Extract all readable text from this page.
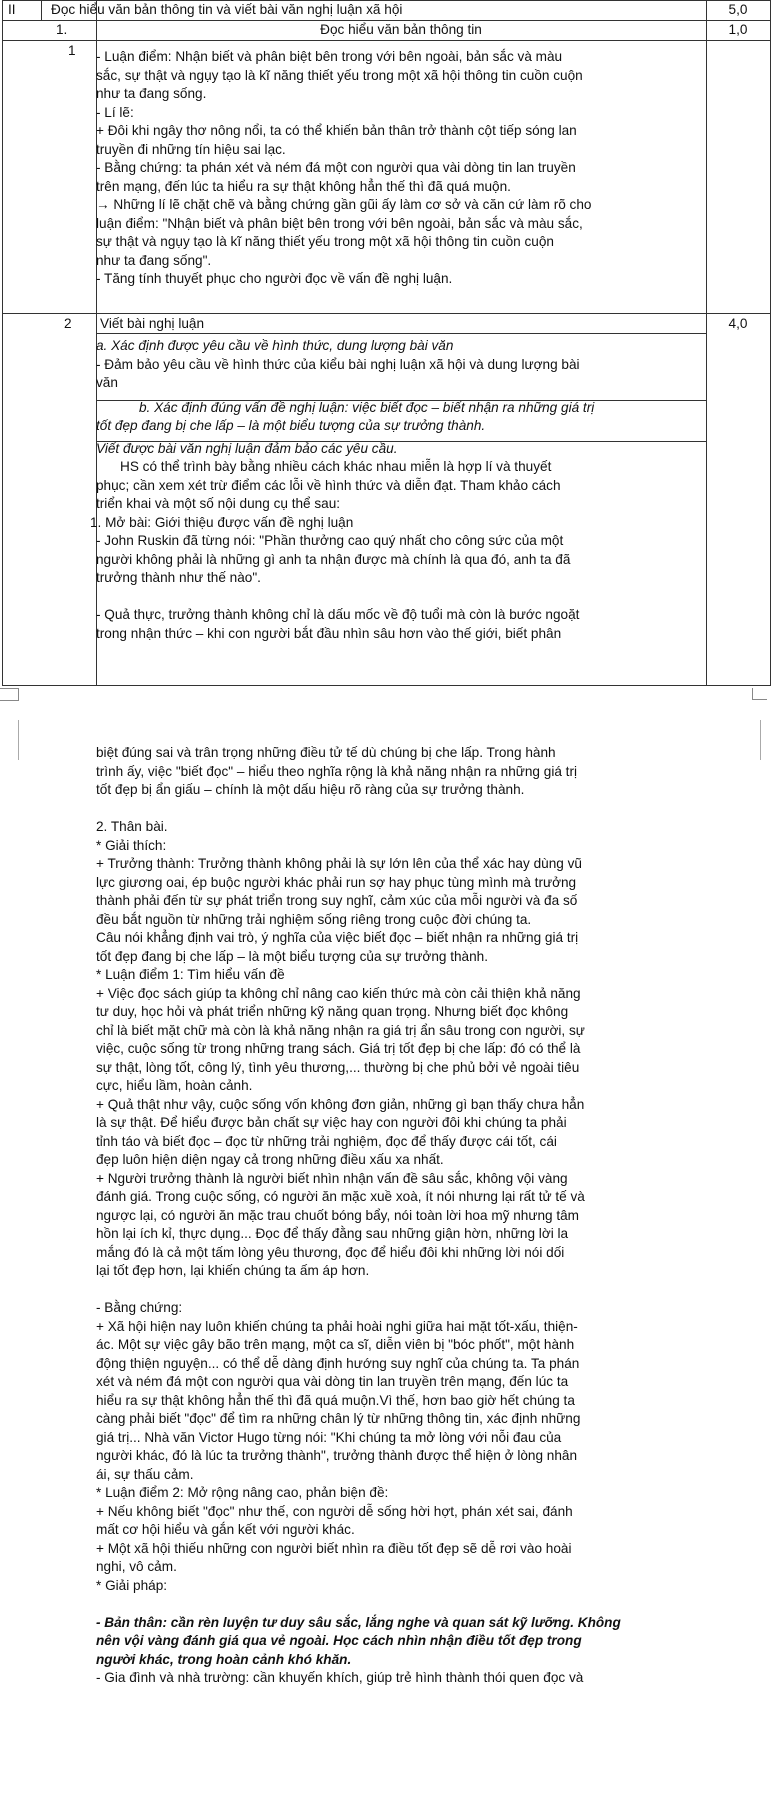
II	Đọc hiểu văn bản thông tin và viết bài văn nghị luận xã hội	5,0
1.	Đọc hiểu văn bản thông tin	1,0
1 - Luận điểm: Nhận biết và phân biệt bên trong với bên ngoài, bản sắc và màu
sắc, sự thật và ngụy tạo là kĩ năng thiết yếu trong một xã hội thông tin cuồn cuộn
như ta đang sống.
- Lí lẽ:
+ Đôi khi ngây thơ nông nổi, ta có thể khiến bản thân trở thành cột tiếp sóng lan
truyền đi những tín hiệu sai lạc.
- Bằng chứng: ta phán xét và ném đá một con người qua vài dòng tin lan truyền
trên mạng, đến lúc ta hiểu ra sự thật không hẳn thế thì đã quá muộn.
→ Những lí lẽ chặt chẽ và bằng chứng gần gũi ấy làm cơ sở và căn cứ làm rõ cho
luận điểm: "Nhận biết và phân biệt bên trong với bên ngoài, bản sắc và màu sắc,
sự thật và ngụy tạo là kĩ năng thiết yếu trong một xã hội thông tin cuồn cuộn
như ta đang sống".
- Tăng tính thuyết phục cho người đọc về vấn đề nghị luận.
2 Viết bài nghị luận	4,0
a. Xác định được yêu cầu về hình thức, dung lượng bài văn
- Đảm bảo yêu cầu về hình thức của kiểu bài nghị luận xã hội và dung lượng bài
văn
b. Xác định đúng vấn đề nghị luận: việc biết đọc – biết nhận ra những giá trị
tốt đẹp đang bị che lấp – là một biểu tượng của sự trưởng thành.
Viết được bài văn nghị luận đảm bảo các yêu cầu.
HS có thể trình bày bằng nhiều cách khác nhau miễn là hợp lí và thuyết
phục; cần xem xét trừ điểm các lỗi về hình thức và diễn đạt. Tham khảo cách
triển khai và một số nội dung cụ thể sau:
1. Mở bài: Giới thiệu được vấn đề nghị luận
- John Ruskin đã từng nói: "Phần thưởng cao quý nhất cho công sức của một
người không phải là những gì anh ta nhận được mà chính là qua đó, anh ta đã
trưởng thành như thế nào".

- Quả thực, trưởng thành không chỉ là dấu mốc về độ tuổi mà còn là bước ngoặt
trong nhận thức – khi con người bắt đầu nhìn sâu hơn vào thế giới, biết phân
biệt đúng sai và trân trọng những điều tử tế dù chúng bị che lấp. Trong hành
trình ấy, việc "biết đọc" – hiểu theo nghĩa rộng là khả năng nhận ra những giá trị
tốt đẹp bị ẩn giấu – chính là một dấu hiệu rõ ràng của sự trưởng thành.

2. Thân bài.
* Giải thích:
+ Trưởng thành: Trưởng thành không phải là sự lớn lên của thể xác hay dùng vũ
lực giương oai, ép buộc người khác phải run sợ hay phục tùng mình mà trưởng
thành phải đến từ sự phát triển trong suy nghĩ, cảm xúc của mỗi người và đa số
đều bắt nguồn từ những trải nghiệm sống riêng trong cuộc đời chúng ta.
Câu nói khẳng định vai trò, ý nghĩa của việc biết đọc – biết nhận ra những giá trị
tốt đẹp đang bị che lấp – là một biểu tượng của sự trưởng thành.
* Luận điểm 1: Tìm hiểu vấn đề
+ Việc đọc sách giúp ta không chỉ nâng cao kiến thức mà còn cải thiện khả năng
tư duy, học hỏi và phát triển những kỹ năng quan trọng. Nhưng biết đọc không
chỉ là biết mặt chữ mà còn là khả năng nhận ra giá trị ẩn sâu trong con người, sự
việc, cuộc sống từ trong những trang sách. Giá trị tốt đẹp bị che lấp: đó có thể là
sự thật, lòng tốt, công lý, tình yêu thương,... thường bị che phủ bởi vẻ ngoài tiêu
cực, hiểu lầm, hoàn cảnh.
+ Quả thật như vậy, cuộc sống vốn không đơn giản, những gì bạn thấy chưa hẳn
là sự thật. Để hiểu được bản chất sự việc hay con người đôi khi chúng ta phải
tỉnh táo và biết đọc – đọc từ những trải nghiệm, đọc để thấy được cái tốt, cái
đẹp luôn hiện diện ngay cả trong những điều xấu xa nhất.
+ Người trưởng thành là người biết nhìn nhận vấn đề sâu sắc, không vội vàng
đánh giá. Trong cuộc sống, có người ăn mặc xuề xoà, ít nói nhưng lại rất tử tế và
ngược lại, có người ăn mặc trau chuốt bóng bẩy, nói toàn lời hoa mỹ nhưng tâm
hồn lại ích kỉ, thực dụng... Đọc để thấy đằng sau những giận hờn, những lời la
mắng đó là cả một tấm lòng yêu thương, đọc để hiểu đôi khi những lời nói dối
lại tốt đẹp hơn, lại khiến chúng ta ấm áp hơn.

- Bằng chứng:
+ Xã hội hiện nay luôn khiến chúng ta phải hoài nghi giữa hai mặt tốt-xấu, thiện-
ác. Một sự việc gây bão trên mạng, một ca sĩ, diễn viên bị "bóc phốt", một hành
động thiện nguyện... có thể dễ dàng định hướng suy nghĩ của chúng ta. Ta phán
xét và ném đá một con người qua vài dòng tin lan truyền trên mạng, đến lúc ta
hiểu ra sự thật không hẳn thế thì đã quá muộn.Vì thế, hơn bao giờ hết chúng ta
càng phải biết "đọc" để tìm ra những chân lý từ những thông tin, xác định những
giá trị... Nhà văn Victor Hugo từng nói: "Khi chúng ta mở lòng với nỗi đau của
người khác, đó là lúc ta trưởng thành", trưởng thành được thể hiện ở lòng nhân
ái, sự thấu cảm.
* Luận điểm 2: Mở rộng nâng cao, phản biện đề:
+ Nếu không biết "đọc" như thế, con người dễ sống hời hợt, phán xét sai, đánh
mất cơ hội hiểu và gắn kết với người khác.
+ Một xã hội thiếu những con người biết nhìn ra điều tốt đẹp sẽ dễ rơi vào hoài
nghi, vô cảm.
* Giải pháp:

- Bản thân: cần rèn luyện tư duy sâu sắc, lắng nghe và quan sát kỹ lưỡng. Không
nên vội vàng đánh giá qua vẻ ngoài. Học cách nhìn nhận điều tốt đẹp trong
người khác, trong hoàn cảnh khó khăn.
- Gia đình và nhà trường: cần khuyến khích, giúp trẻ hình thành thói quen đọc và
